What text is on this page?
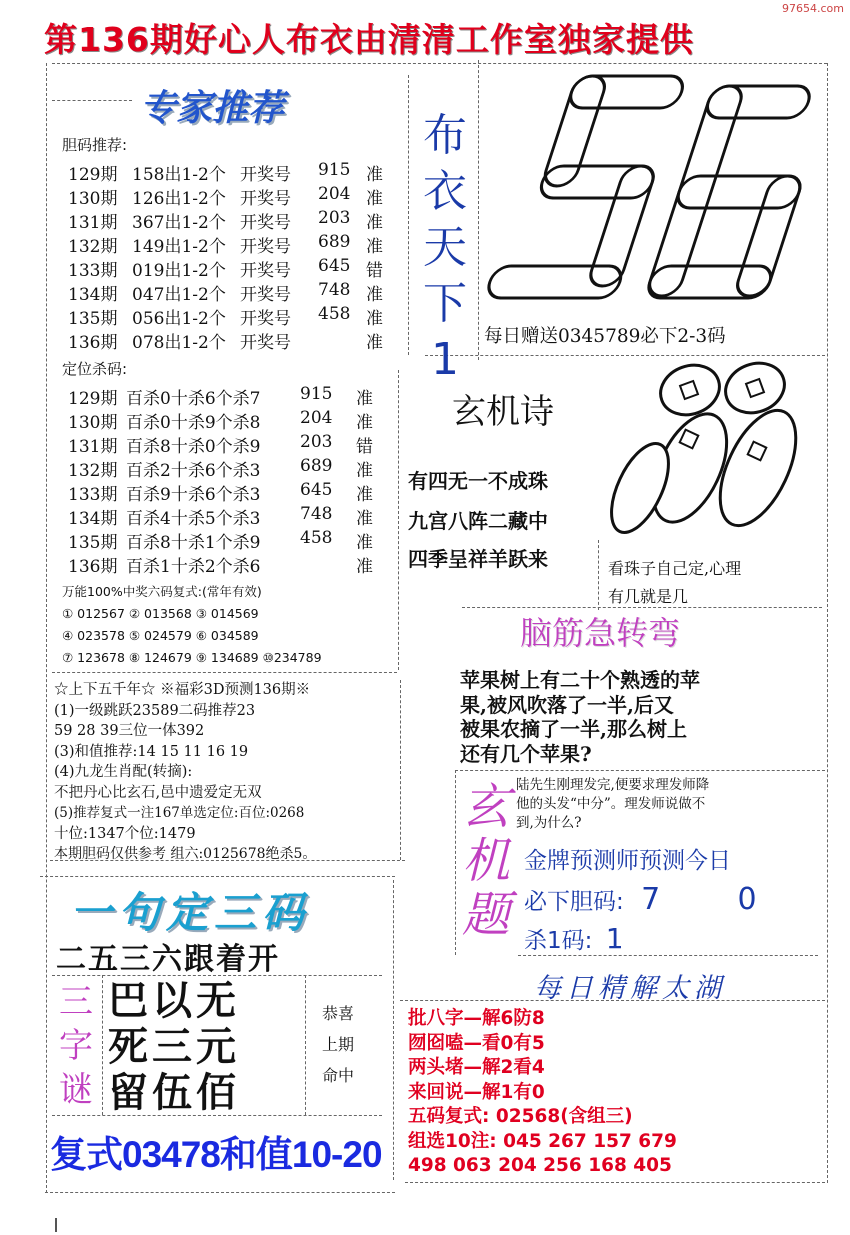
97654.com
第136期好心人布衣由清清工作室独家提供
专家推荐
胆码推荐:
129期 158出1-2个 开奖号 915 准
130期 126出1-2个 开奖号 204 准
131期 367出1-2个 开奖号 203 准
132期 149出1-2个 开奖号 689 准
133期 019出1-2个 开奖号 645 错
134期 047出1-2个 开奖号 748 准
135期 056出1-2个 开奖号 458 准
136期 078出1-2个 开奖号	准
定位杀码:
129期 百杀0十杀6个杀7 915 准
130期 百杀0十杀9个杀8 204 准
131期 百杀8十杀0个杀9 203 错
132期 百杀2十杀6个杀3 689 准
133期 百杀9十杀6个杀3 645 准
134期 百杀4十杀5个杀3 748 准
135期 百杀8十杀1个杀9 458 准
136期 百杀1十杀2个杀6	准
万能100%中奖六码复式:(常年有效)
① 012567 ② 013568 ③ 014569
④ 023578 ⑤ 024579 ⑥ 034589
⑦ 123678 ⑧ 124679 ⑨ 134689 ⑩234789
☆上下五千年☆ ※福彩3D预测136期※
(1)一级跳跃23589二码推荐23
59 28 39三位一体392
(3)和值推荐:14 15 11 16 19
(4)九龙生肖配(转摘):
不把丹心比玄石,邑中遗爱定无双
(5)推荐复式一注167单选定位:百位:0268
十位:1347个位:1479
本期胆码仅供参考 组六:0125678绝杀5。
一句定三码
二五三六跟着开
三字谜
巴以无
死三元
留伍佰
恭喜
上期
命中
复式03478和值10-20
布衣天下1	每日赠送0345789必下2-3码
玄机诗
有四无一不成珠
九宫八阵二藏中
四季呈祥羊跃来	看珠子自己定,心理
有几就是几
脑筋急转弯
苹果树上有二十个熟透的苹
果,被风吹落了一半,后又
被果农摘了一半,那么树上
还有几个苹果?
玄机题
陆先生刚理发完,便要求理发师降
他的头发“中分”。理发师说做不
到,为什么?
金牌预测师预测今日
必下胆码: 7	0
杀1码: 1
每日精解太湖
批八字—解6防8
囫囵嗑—看0有5
两头堵—解2看4
来回说—解1有0
五码复式: 02568(含组三)
组选10注: 045 267 157 679
498 063 204 256 168 405
